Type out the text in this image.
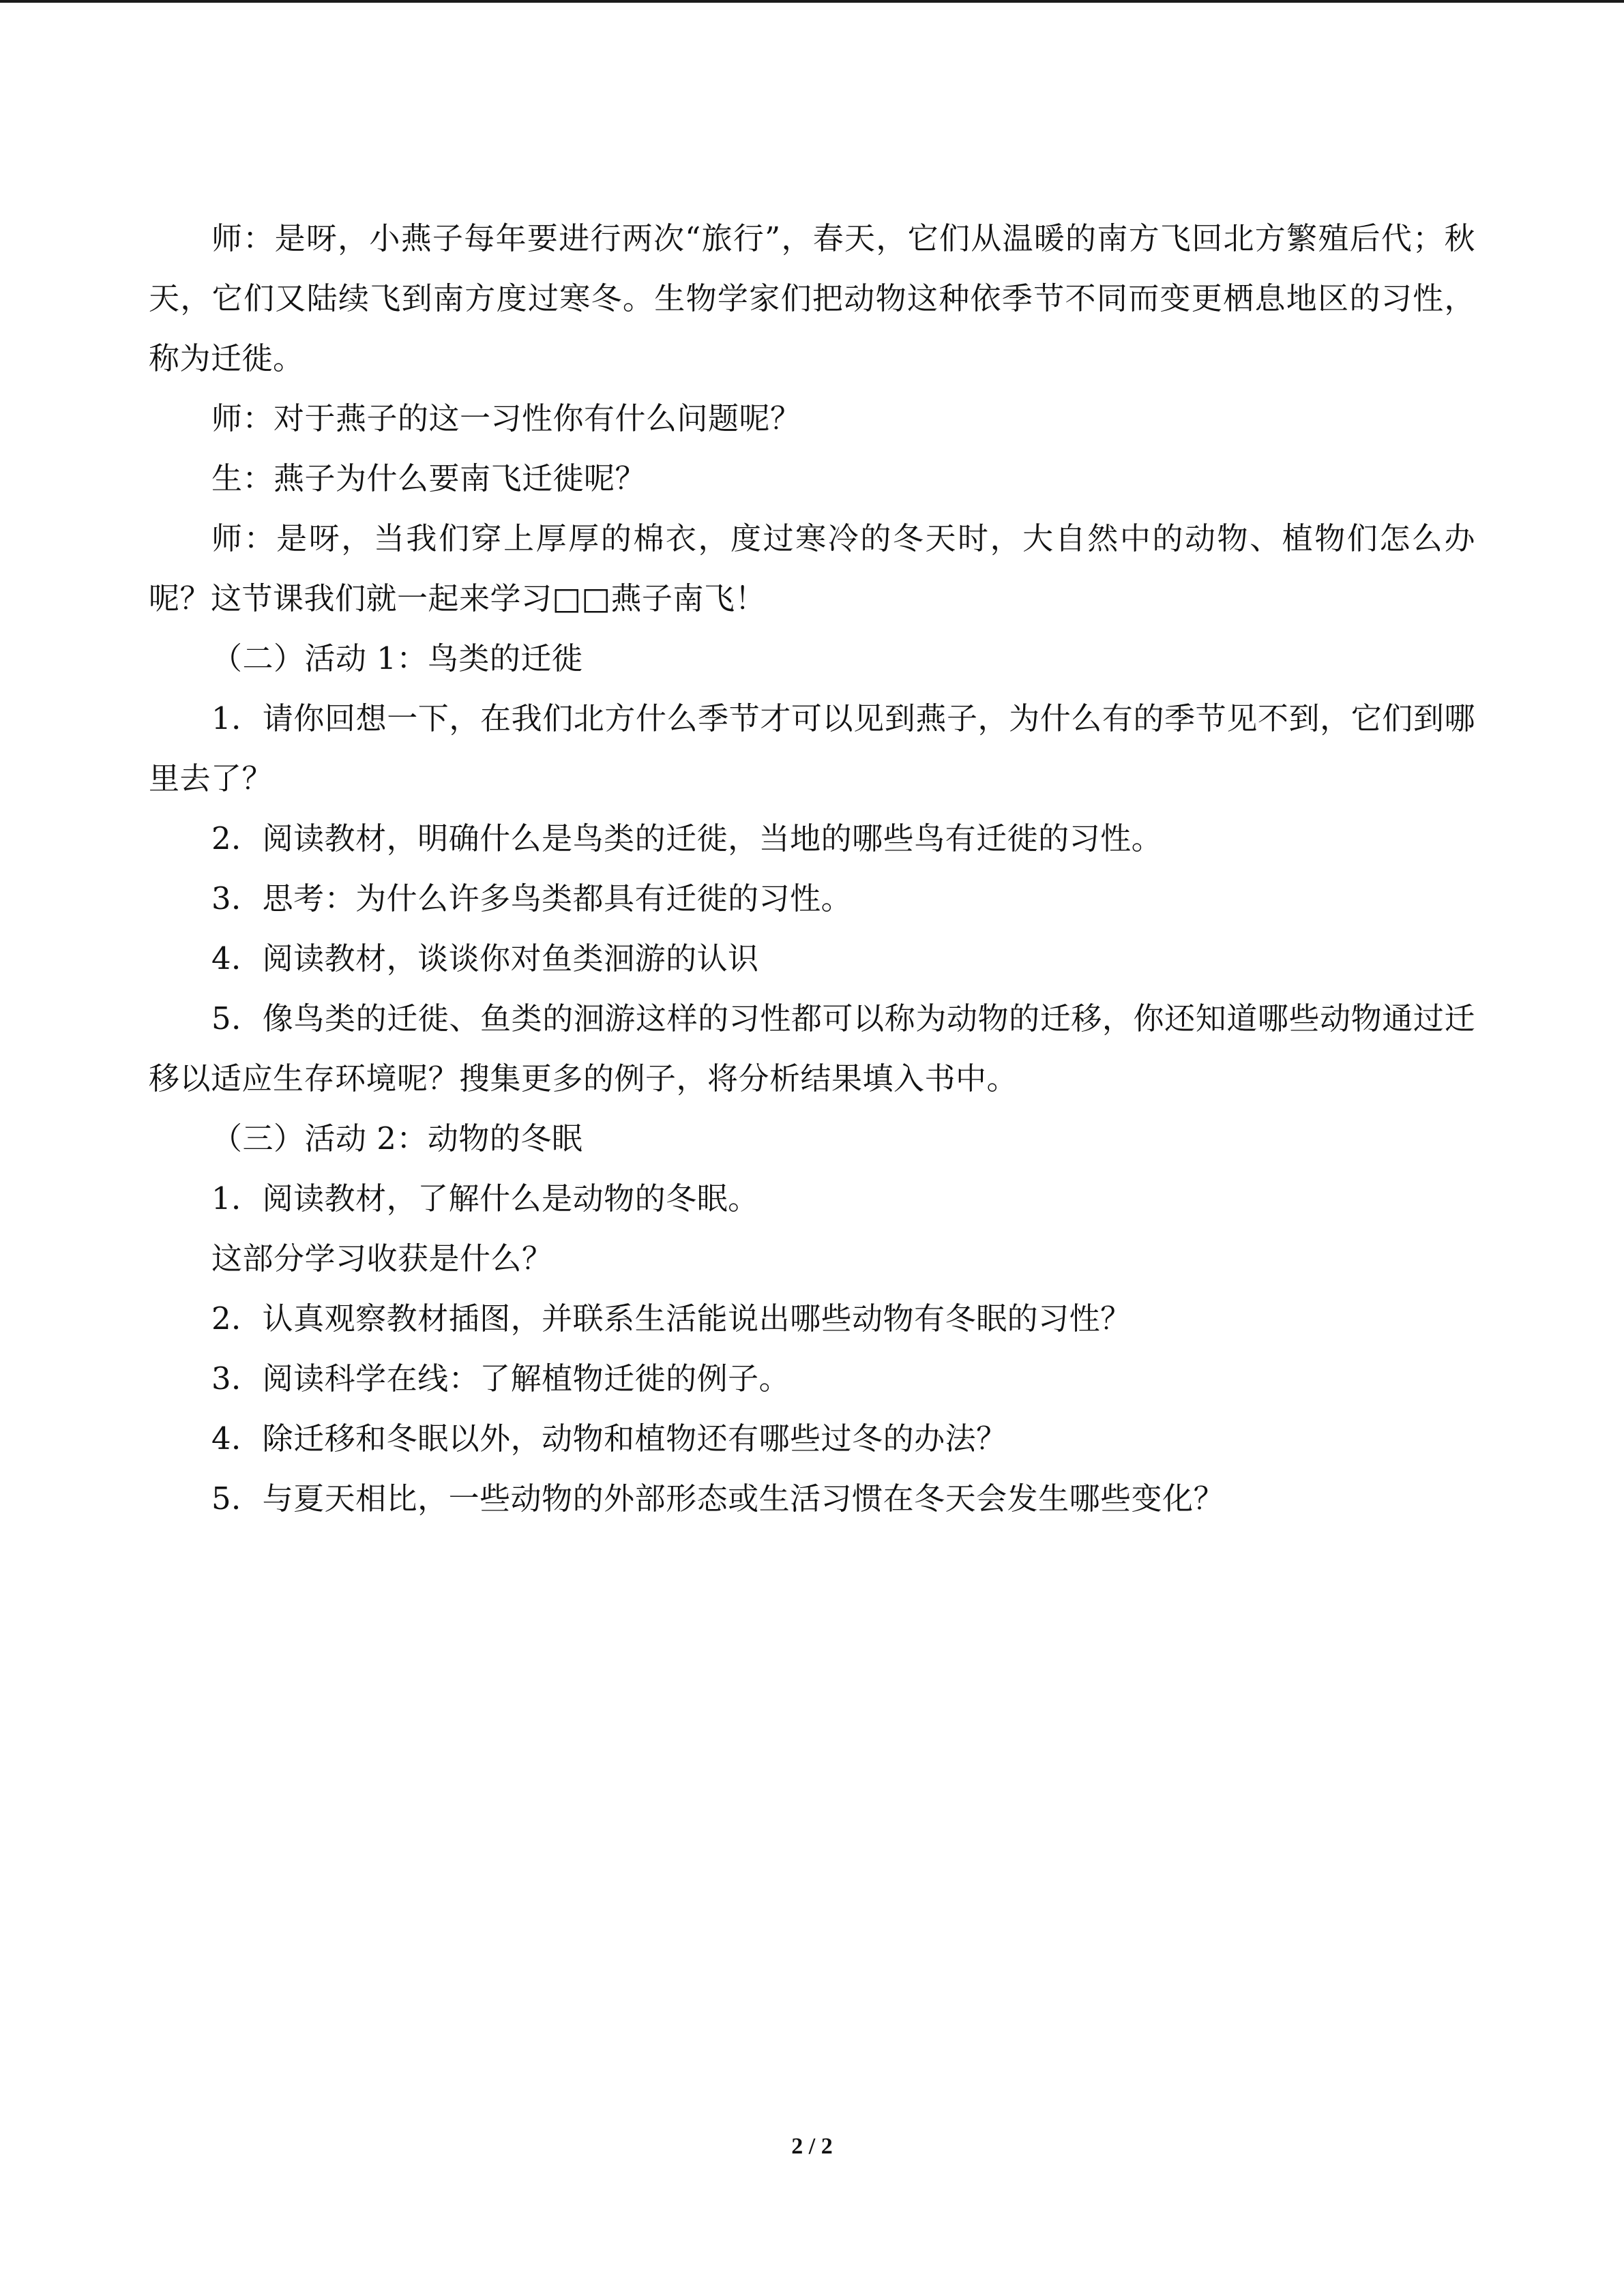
师：是呀，小燕子每年要进行两次“旅行”，春天，它们从温暖的南方飞回北方繁殖后代；秋天，它们又陆续飞到南方度过寒冬。生物学家们把动物这种依季节不同而变更栖息地区的习性，称为迁徙。

师：对于燕子的这一习性你有什么问题呢？

生：燕子为什么要南飞迁徙呢？

师：是呀，当我们穿上厚厚的棉衣，度过寒冷的冬天时，大自然中的动物、植物们怎么办呢？这节课我们就一起来学习□□燕子南飞！

（二）活动 1：鸟类的迁徙

1．请你回想一下，在我们北方什么季节才可以见到燕子，为什么有的季节见不到，它们到哪里去了？

2．阅读教材，明确什么是鸟类的迁徙，当地的哪些鸟有迁徙的习性。

3．思考：为什么许多鸟类都具有迁徙的习性。

4．阅读教材，谈谈你对鱼类洄游的认识

5．像鸟类的迁徙、鱼类的洄游这样的习性都可以称为动物的迁移，你还知道哪些动物通过迁移以适应生存环境呢？搜集更多的例子，将分析结果填入书中。

（三）活动 2：动物的冬眠

1．阅读教材，了解什么是动物的冬眠。

这部分学习收获是什么？

2．认真观察教材插图，并联系生活能说出哪些动物有冬眠的习性？

3．阅读科学在线：了解植物迁徙的例子。

4．除迁移和冬眠以外，动物和植物还有哪些过冬的办法？

5．与夏天相比，一些动物的外部形态或生活习惯在冬天会发生哪些变化？

2 / 2
